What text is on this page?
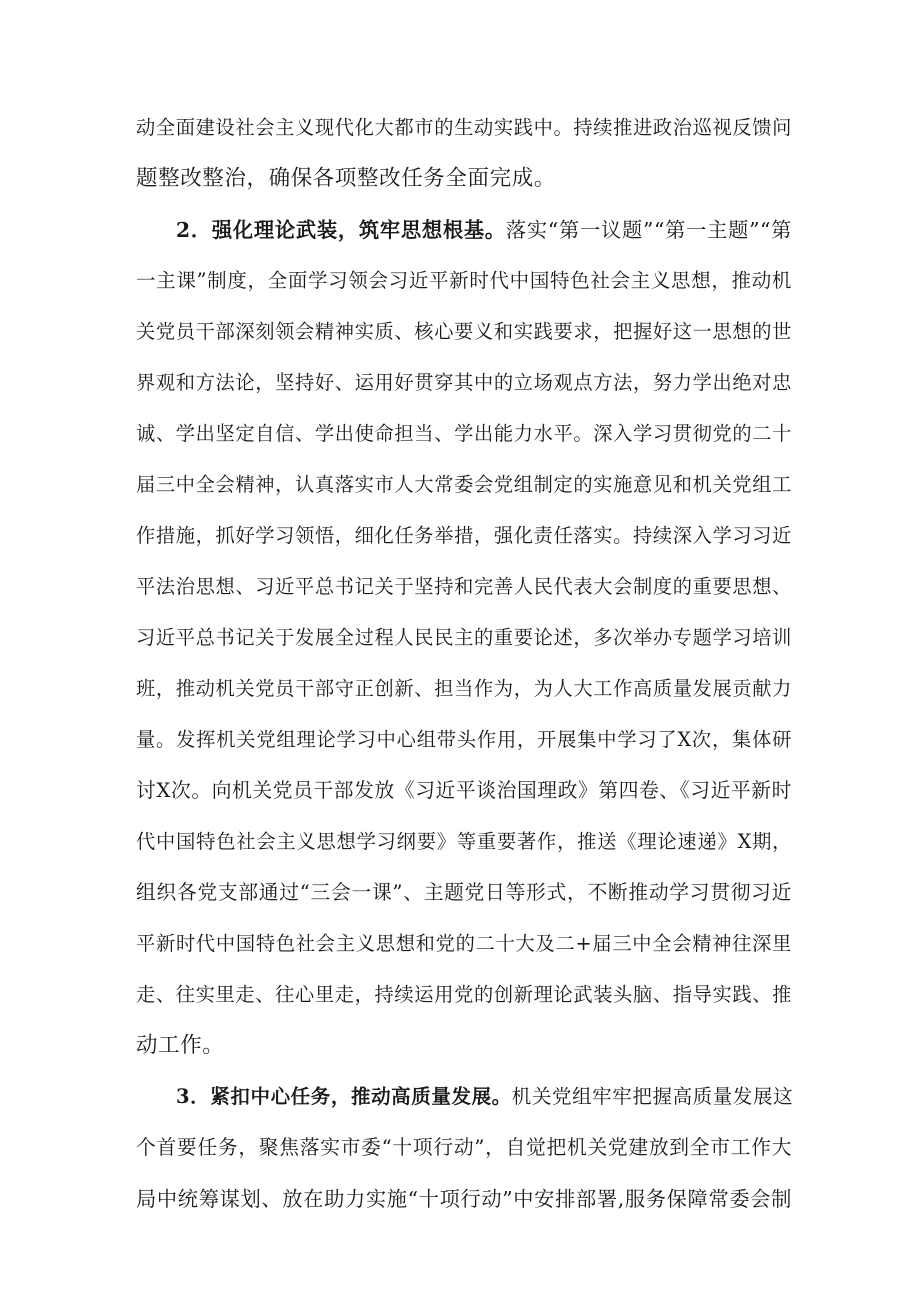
动全面建设社会主义现代化大都市的生动实践中。持续推进政治巡视反馈问
题整改整治，确保各项整改任务全面完成。
2．强化理论武装，筑牢思想根基。落实“第一议题”“第一主题”“第
一主课”制度，全面学习领会习近平新时代中国特色社会主义思想，推动机
关党员干部深刻领会精神实质、核心要义和实践要求，把握好这一思想的世
界观和方法论，坚持好、运用好贯穿其中的立场观点方法，努力学出绝对忠
诚、学出坚定自信、学出使命担当、学出能力水平。深入学习贯彻党的二十
届三中全会精神，认真落实市人大常委会党组制定的实施意见和机关党组工
作措施，抓好学习领悟，细化任务举措，强化责任落实。持续深入学习习近
平法治思想、习近平总书记关于坚持和完善人民代表大会制度的重要思想、
习近平总书记关于发展全过程人民民主的重要论述，多次举办专题学习培训
班，推动机关党员干部守正创新、担当作为，为人大工作高质量发展贡献力
量。发挥机关党组理论学习中心组带头作用，开展集中学习了X次，集体研
讨X次。向机关党员干部发放《习近平谈治国理政》第四卷、《习近平新时
代中国特色社会主义思想学习纲要》等重要著作，推送《理论速递》X期，
组织各党支部通过“三会一课”、主题党日等形式，不断推动学习贯彻习近
平新时代中国特色社会主义思想和党的二十大及二+届三中全会精神往深里
走、往实里走、往心里走，持续运用党的创新理论武装头脑、指导实践、推
动工作。
3．紧扣中心任务，推动高质量发展。机关党组牢牢把握高质量发展这
个首要任务，聚焦落实市委“十项行动”，自觉把机关党建放到全市工作大
局中统筹谋划、放在助力实施“十项行动”中安排部署,服务保障常委会制
